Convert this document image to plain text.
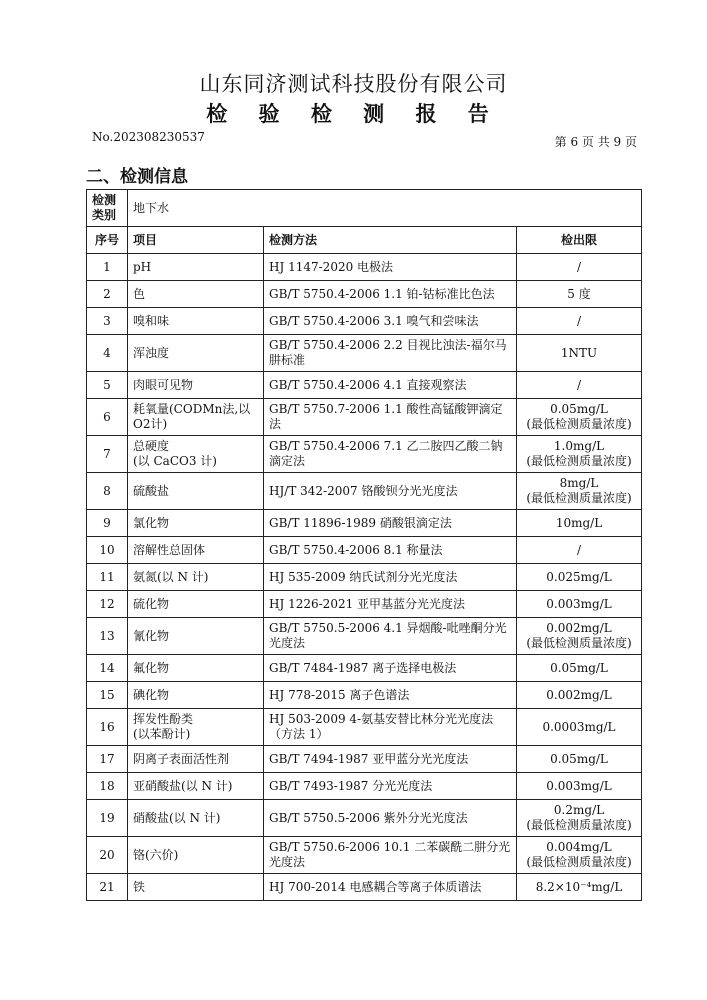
山东同济测试科技股份有限公司
检 验 检 测 报 告
No.202308230537	第 6 页 共 9 页
二、检测信息
检测类别	地下水		
序号	项目	检测方法	检出限
1	pH	HJ 1147-2020 电极法	/
2	色	GB/T 5750.4-2006 1.1 铂-钴标准比色法	5 度
3	嗅和味	GB/T 5750.4-2006 3.1 嗅气和尝味法	/
4	浑浊度	GB/T 5750.4-2006 2.2 目视比浊法-福尔马肼标准	1NTU
5	肉眼可见物	GB/T 5750.4-2006 4.1 直接观察法	/
6	耗氧量(CODMn法,以O2计)	GB/T 5750.7-2006 1.1 酸性高锰酸钾滴定法	0.05mg/L
(最低检测质量浓度)
7	总硬度
(以 CaCO3 计)	GB/T 5750.4-2006 7.1 乙二胺四乙酸二钠滴定法	1.0mg/L
(最低检测质量浓度)
8	硫酸盐	HJ/T 342-2007 铬酸钡分光光度法	8mg/L
(最低检测质量浓度)
9	氯化物	GB/T 11896-1989 硝酸银滴定法	10mg/L
10	溶解性总固体	GB/T 5750.4-2006 8.1 称量法	/
11	氨氮(以 N 计)	HJ 535-2009 纳氏试剂分光光度法	0.025mg/L
12	硫化物	HJ 1226-2021 亚甲基蓝分光光度法	0.003mg/L
13	氰化物	GB/T 5750.5-2006 4.1 异烟酸-吡唑酮分光光度法	0.002mg/L
(最低检测质量浓度)
14	氟化物	GB/T 7484-1987 离子选择电极法	0.05mg/L
15	碘化物	HJ 778-2015 离子色谱法	0.002mg/L
16	挥发性酚类
(以苯酚计)	HJ 503-2009 4-氨基安替比林分光光度法（方法 1）	0.0003mg/L
17	阴离子表面活性剂	GB/T 7494-1987 亚甲蓝分光光度法	0.05mg/L
18	亚硝酸盐(以 N 计)	GB/T 7493-1987 分光光度法	0.003mg/L
19	硝酸盐(以 N 计)	GB/T 5750.5-2006 紫外分光光度法	0.2mg/L
(最低检测质量浓度)
20	铬(六价)	GB/T 5750.6-2006 10.1 二苯碳酰二肼分光光度法	0.004mg/L
(最低检测质量浓度)
21	铁	HJ 700-2014 电感耦合等离子体质谱法	8.2×10⁻⁴mg/L
